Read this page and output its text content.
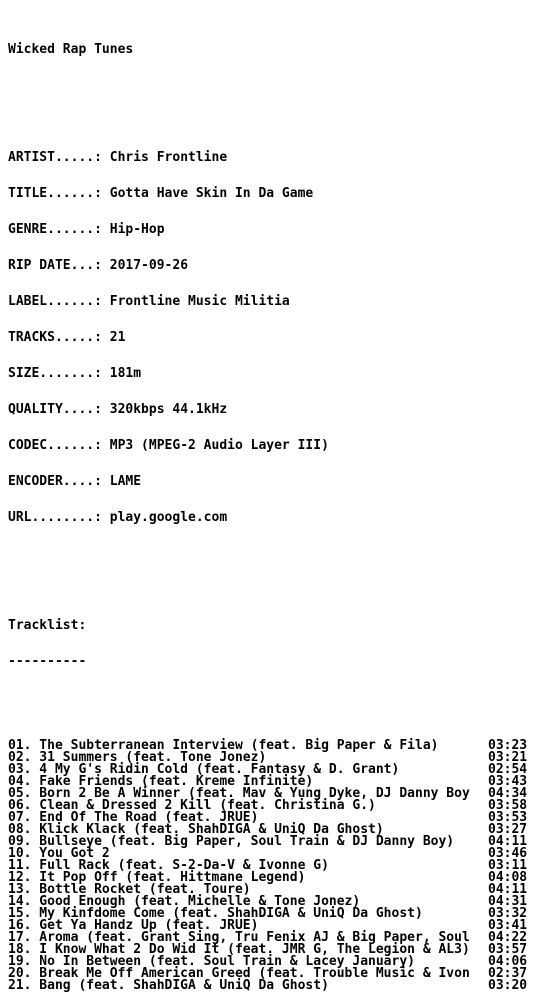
Wicked Rap Tunes

ARTIST.....: Chris Frontline

TITLE......: Gotta Have Skin In Da Game

GENRE......: Hip-Hop

RIP DATE...: 2017-09-26

LABEL......: Frontline Music Militia

TRACKS.....: 21

SIZE.......: 181m

QUALITY....: 320kbps 44.1kHz

CODEC......: MP3 (MPEG-2 Audio Layer III)

ENCODER....: LAME

URL........: play.google.com

Tracklist:

----------

01. The Subterranean Interview (feat. Big Paper & Fila)	03:23
02. 31 Summers (feat. Tone Jonez)	03:21
03. 4 My G's Ridin Cold (feat. Fantasy & D. Grant)	02:54
04. Fake Friends (feat. Kreme Infinite)	03:43
05. Born 2 Be A Winner (feat. Mav & Yung Dyke, DJ Danny Boy	04:34
06. Clean & Dressed 2 Kill (feat. Christina G.)	03:58
07. End Of The Road (feat. JRUE)	03:53
08. Klick Klack (feat. ShahDIGA & UniQ Da Ghost)	03:27
09. Bullseye (feat. Big Paper, Soul Train & DJ Danny Boy)	04:11
10. You Got 2	03:46
11. Full Rack (feat. S-2-Da-V & Ivonne G)	03:11
12. It Pop Off (feat. Hittmane Legend)	04:08
13. Bottle Rocket (feat. Toure)	04:11
14. Good Enough (feat. Michelle & Tone Jonez)	04:31
15. My Kinfdome Come (feat. ShahDIGA & UniQ Da Ghost)	03:32
16. Get Ya Handz Up (feat. JRUE)	03:41
17. Aroma (feat. Grant Sing, Tru Fenix AJ & Big Paper, Soul	04:22
18. I Know What 2 Do Wid It (feat. JMR G, The Legion & AL3)	03:57
19. No In Between (feat. Soul Train & Lacey January)	04:06
20. Break Me Off American Greed (feat. Trouble Music & Ivon	02:37
21. Bang (feat. ShahDIGA & UniQ Da Ghost)	03:20
